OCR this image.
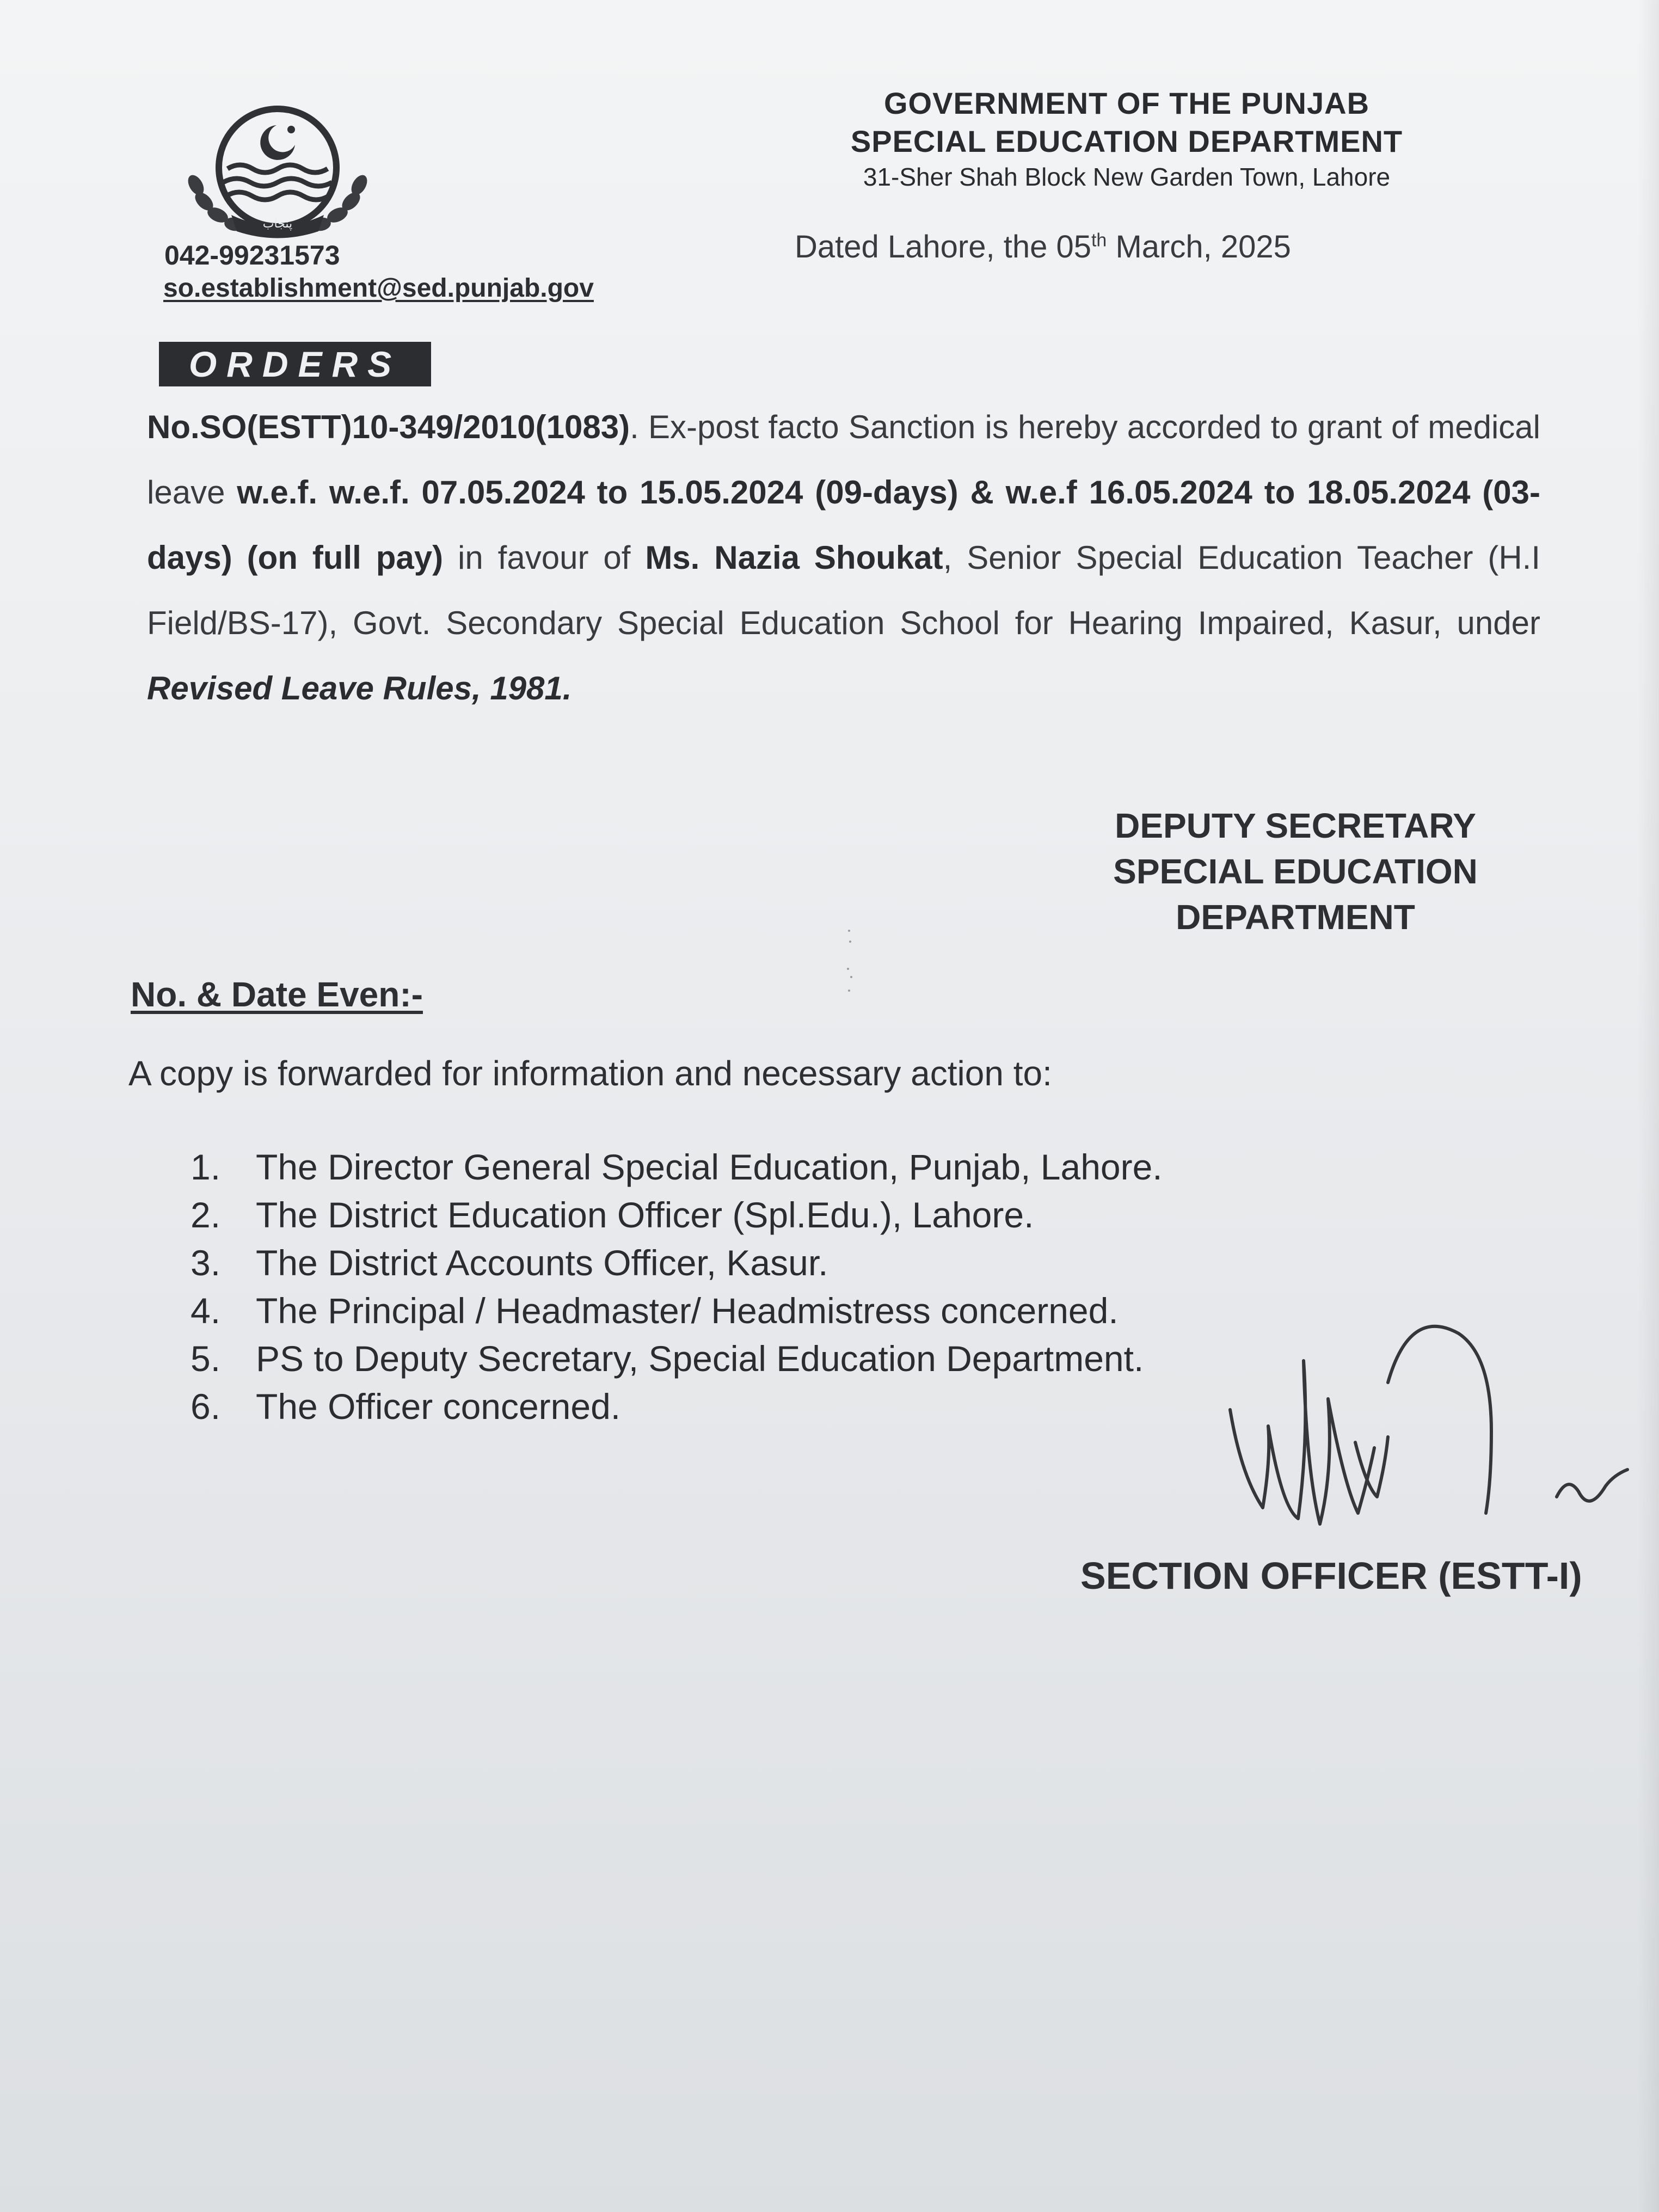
پنجاب
042-99231573
so.establishment@sed.punjab.gov
GOVERNMENT OF THE PUNJAB
SPECIAL EDUCATION DEPARTMENT
31-Sher Shah Block New Garden Town, Lahore
Dated Lahore, the 05th March, 2025
ORDERS
No.SO(ESTT)10-349/2010(1083). Ex-post facto Sanction is hereby accorded to grant of medical leave w.e.f. w.e.f. 07.05.2024 to 15.05.2024 (09-days) & w.e.f 16.05.2024 to 18.05.2024 (03-days) (on full pay) in favour of Ms. Nazia Shoukat, Senior Special Education Teacher (H.I Field/BS-17), Govt. Secondary Special Education School for Hearing Impaired, Kasur, under Revised Leave Rules, 1981.
DEPUTY SECRETARY
SPECIAL EDUCATION
DEPARTMENT
No. & Date Even:-
A copy is forwarded for information and necessary action to:
1. The Director General Special Education, Punjab, Lahore.
2. The District Education Officer (Spl.Edu.), Lahore.
3. The District Accounts Officer, Kasur.
4. The Principal / Headmaster/ Headmistress concerned.
5. PS to Deputy Secretary, Special Education Department.
6. The Officer concerned.
SECTION OFFICER (ESTT-I)
